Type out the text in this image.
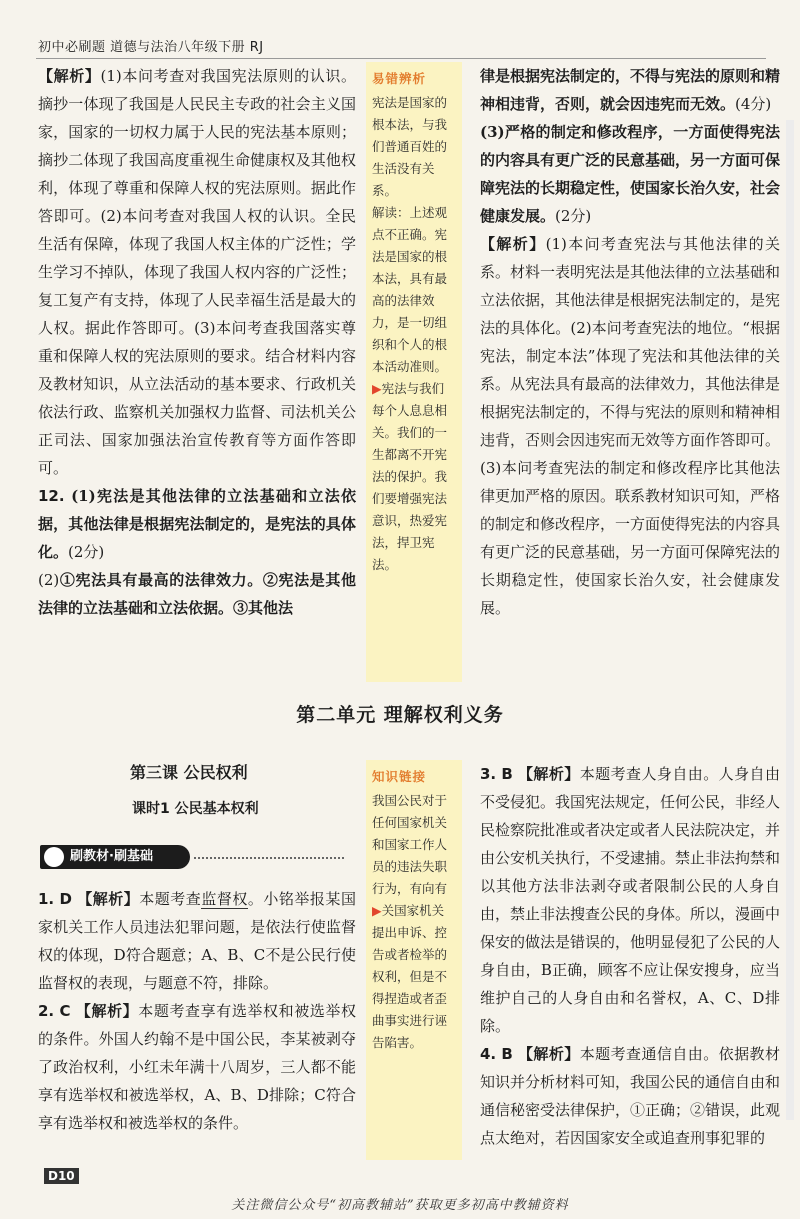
初中必刷题 道德与法治八年级下册 RJ

【解析】(1)本问考查对我国宪法原则的认识。摘抄一体现了我国是人民民主专政的社会主义国家，国家的一切权力属于人民的宪法基本原则；摘抄二体现了我国高度重视生命健康权及其他权利，体现了尊重和保障人权的宪法原则。据此作答即可。(2)本问考查对我国人权的认识。全民生活有保障，体现了我国人权主体的广泛性；学生学习不掉队，体现了我国人权内容的广泛性；复工复产有支持，体现了人民幸福生活是最大的人权。据此作答即可。(3)本问考查我国落实尊重和保障人权的宪法原则的要求。结合材料内容及教材知识，从立法活动的基本要求、行政机关依法行政、监察机关加强权力监督、司法机关公正司法、国家加强法治宣传教育等方面作答即可。

12. (1)宪法是其他法律的立法基础和立法依据，其他法律是根据宪法制定的，是宪法的具体化。(2分)

(2)①宪法具有最高的法律效力。②宪法是其他法律的立法基础和立法依据。③其他法

易错辨析
宪法是国家的根本法，与我们普通百姓的生活没有关系。
解读：上述观点不正确。宪法是国家的根本法，具有最高的法律效力，是一切组织和个人的根本活动准则。
▶宪法与我们每个人息息相关。我们的一生都离不开宪法的保护。我们要增强宪法意识，热爱宪法，捍卫宪法。

律是根据宪法制定的，不得与宪法的原则和精神相违背，否则，就会因违宪而无效。(4分)

(3)严格的制定和修改程序，一方面使得宪法的内容具有更广泛的民意基础，另一方面可保障宪法的长期稳定性，使国家长治久安，社会健康发展。(2分)

【解析】(1)本问考查宪法与其他法律的关系。材料一表明宪法是其他法律的立法基础和立法依据，其他法律是根据宪法制定的，是宪法的具体化。(2)本问考查宪法的地位。“根据宪法，制定本法”体现了宪法和其他法律的关系。从宪法具有最高的法律效力，其他法律是根据宪法制定的，不得与宪法的原则和精神相违背，否则会因违宪而无效等方面作答即可。(3)本问考查宪法的制定和修改程序比其他法律更加严格的原因。联系教材知识可知，严格的制定和修改程序，一方面使得宪法的内容具有更广泛的民意基础，另一方面可保障宪法的长期稳定性，使国家长治久安，社会健康发展。

第二单元 理解权利义务
第三课 公民权利
课时1 公民基本权利
刷教材·刷基础

1. D 【解析】本题考查监督权。小铭举报某国家机关工作人员违法犯罪问题，是依法行使监督权的体现，D符合题意；A、B、C不是公民行使监督权的表现，与题意不符，排除。

2. C 【解析】本题考查享有选举权和被选举权的条件。外国人约翰不是中国公民，李某被剥夺了政治权利，小红未年满十八周岁，三人都不能享有选举权和被选举权，A、B、D排除；C符合享有选举权和被选举权的条件。

知识链接
我国公民对于任何国家机关和国家工作人员的违法失职行为，有向有
▶关国家机关提出申诉、控告或者检举的权利，但是不得捏造或者歪曲事实进行诬告陷害。

3. B 【解析】本题考查人身自由。人身自由不受侵犯。我国宪法规定，任何公民，非经人民检察院批准或者决定或者人民法院决定，并由公安机关执行，不受逮捕。禁止非法拘禁和以其他方法非法剥夺或者限制公民的人身自由，禁止非法搜查公民的身体。所以，漫画中保安的做法是错误的，他明显侵犯了公民的人身自由，B正确，顾客不应让保安搜身，应当维护自己的人身自由和名誉权，A、C、D排除。

4. B 【解析】本题考查通信自由。依据教材知识并分析材料可知，我国公民的通信自由和通信秘密受法律保护，①正确；②错误，此观点太绝对，若因国家安全或追查刑事犯罪的

D10
关注微信公众号“初高教辅站”获取更多初高中教辅资料
